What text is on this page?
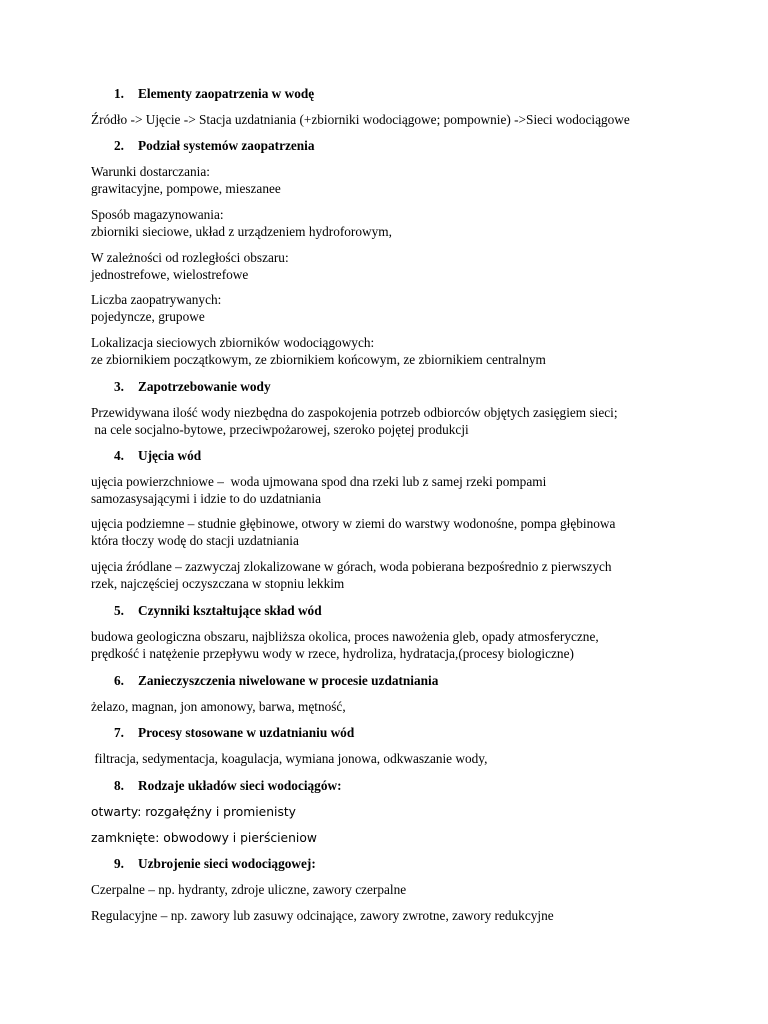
1. Elementy zaopatrzenia w wodę
Źródło -> Ujęcie -> Stacja uzdatniania (+zbiorniki wodociągowe; pompownie) ->Sieci wodociągowe
2. Podział systemów zaopatrzenia
Warunki dostarczania:
grawitacyjne, pompowe, mieszanee
Sposób magazynowania:
zbiorniki sieciowe, układ z urządzeniem hydroforowym,
W zależności od rozległości obszaru:
jednostrefowe, wielostrefowe
Liczba zaopatrywanych:
pojedyncze, grupowe
Lokalizacja sieciowych zbiorników wodociągowych:
ze zbiornikiem początkowym, ze zbiornikiem końcowym, ze zbiornikiem centralnym
3. Zapotrzebowanie wody
Przewidywana ilość wody niezbędna do zaspokojenia potrzeb odbiorców objętych zasięgiem sieci;
na cele socjalno-bytowe, przeciwpożarowej, szeroko pojętej produkcji
4. Ujęcia wód
ujęcia powierzchniowe –  woda ujmowana spod dna rzeki lub z samej rzeki pompami
samozasysającymi i idzie to do uzdatniania
ujęcia podziemne – studnie głębinowe, otwory w ziemi do warstwy wodonośne, pompa głębinowa
która tłoczy wodę do stacji uzdatniania
ujęcia źródlane – zazwyczaj zlokalizowane w górach, woda pobierana bezpośrednio z pierwszych
rzek, najczęściej oczyszczana w stopniu lekkim
5. Czynniki kształtujące skład wód
budowa geologiczna obszaru, najbliższa okolica, proces nawożenia gleb, opady atmosferyczne,
prędkość i natężenie przepływu wody w rzece, hydroliza, hydratacja,(procesy biologiczne)
6. Zanieczyszczenia niwelowane w procesie uzdatniania
żelazo, magnan, jon amonowy, barwa, mętność,
7. Procesy stosowane w uzdatnianiu wód
filtracja, sedymentacja, koagulacja, wymiana jonowa, odkwaszanie wody,
8. Rodzaje układów sieci wodociągów:
otwarty: rozgałęźny i promienisty
zamknięte: obwodowy i pierścieniow
9. Uzbrojenie sieci wodociągowej:
Czerpalne – np. hydranty, zdroje uliczne, zawory czerpalne
Regulacyjne – np. zawory lub zasuwy odcinające, zawory zwrotne, zawory redukcyjne
